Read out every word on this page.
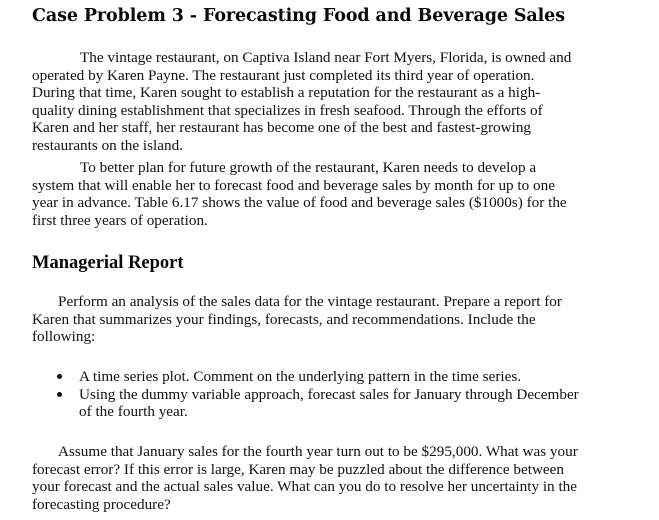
Case Problem 3 - Forecasting Food and Beverage Sales

The vintage restaurant, on Captiva Island near Fort Myers, Florida, is owned and
operated by Karen Payne. The restaurant just completed its third year of operation.
During that time, Karen sought to establish a reputation for the restaurant as a high-
quality dining establishment that specializes in fresh seafood. Through the efforts of
Karen and her staff, her restaurant has become one of the best and fastest-growing
restaurants on the island.

To better plan for future growth of the restaurant, Karen needs to develop a
system that will enable her to forecast food and beverage sales by month for up to one
year in advance. Table 6.17 shows the value of food and beverage sales ($1000s) for the
first three years of operation.

Managerial Report

Perform an analysis of the sales data for the vintage restaurant. Prepare a report for
Karen that summarizes your findings, forecasts, and recommendations. Include the
following:

A time series plot. Comment on the underlying pattern in the time series.
Using the dummy variable approach, forecast sales for January through December
of the fourth year.

Assume that January sales for the fourth year turn out to be $295,000. What was your
forecast error? If this error is large, Karen may be puzzled about the difference between
your forecast and the actual sales value. What can you do to resolve her uncertainty in the
forecasting procedure?
